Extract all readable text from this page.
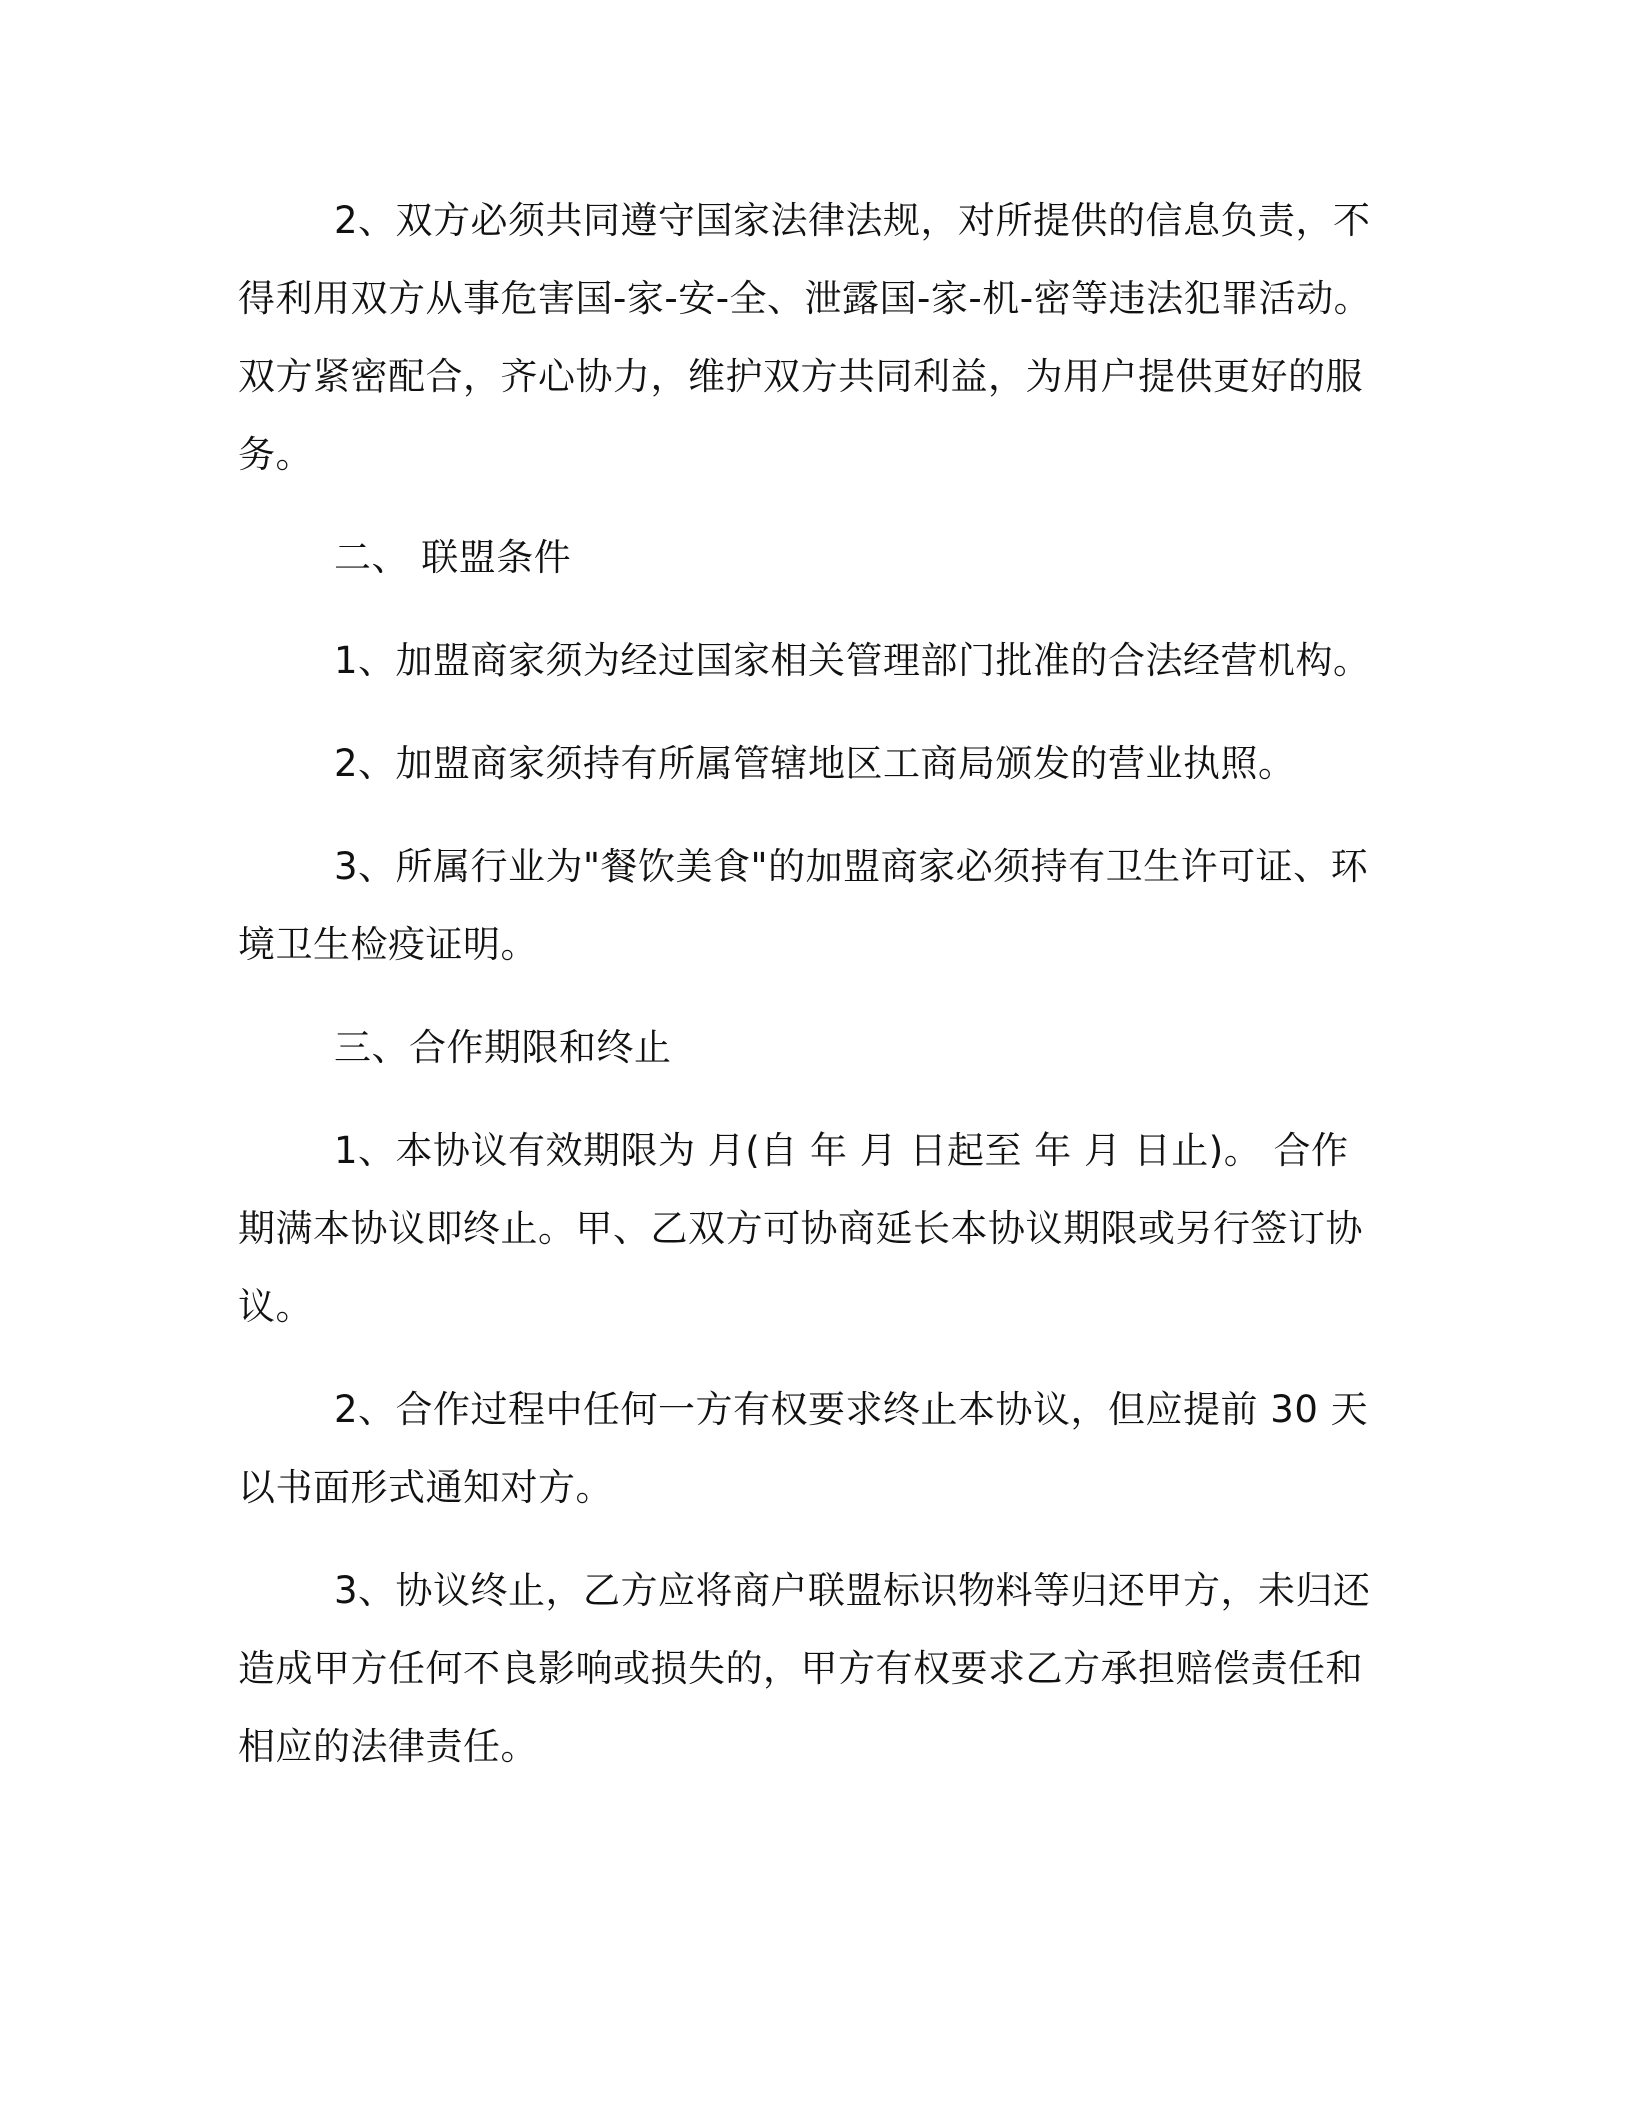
2、双方必须共同遵守国家法律法规，对所提供的信息负责，不得利用双方从事危害国-家-安-全、泄露国-家-机-密等违法犯罪活动。双方紧密配合，齐心协力，维护双方共同利益，为用户提供更好的服务。

二、 联盟条件

1、加盟商家须为经过国家相关管理部门批准的合法经营机构。

2、加盟商家须持有所属管辖地区工商局颁发的营业执照。

3、所属行业为"餐饮美食"的加盟商家必须持有卫生许可证、环境卫生检疫证明。

三、合作期限和终止

1、本协议有效期限为 月(自 年 月 日起至 年 月 日止)。 合作期满本协议即终止。甲、乙双方可协商延长本协议期限或另行签订协议。

2、合作过程中任何一方有权要求终止本协议，但应提前 30 天以书面形式通知对方。

3、协议终止，乙方应将商户联盟标识物料等归还甲方，未归还造成甲方任何不良影响或损失的，甲方有权要求乙方承担赔偿责任和相应的法律责任。
